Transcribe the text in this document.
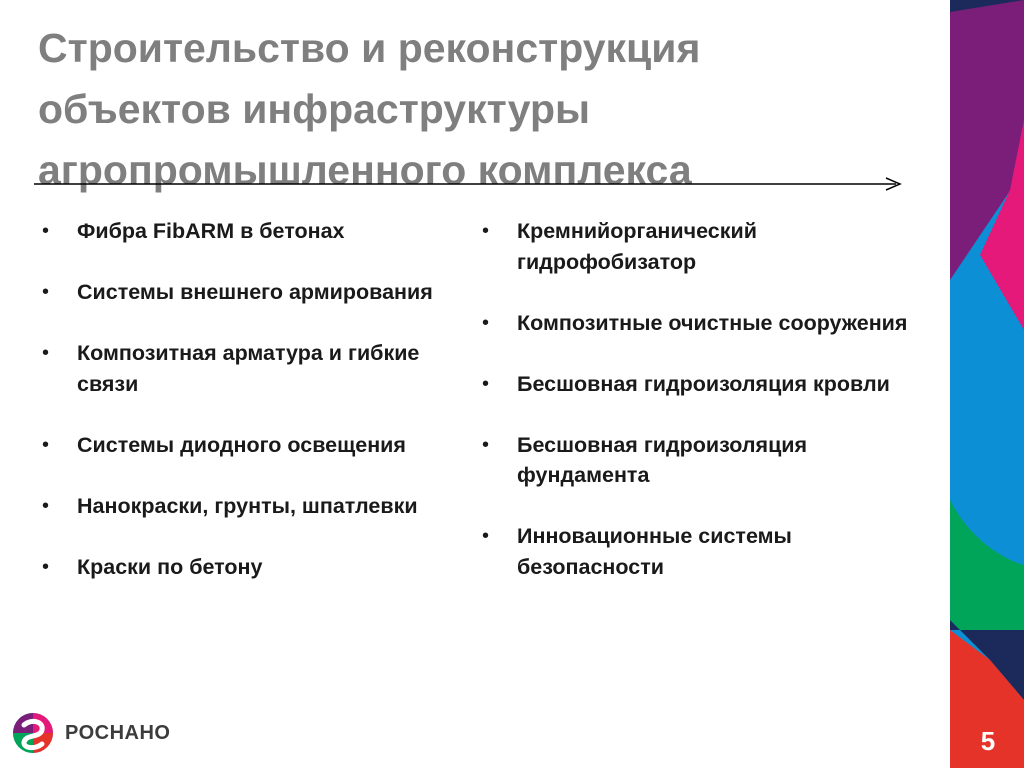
Строительство и реконструкция
объектов инфраструктуры
агропромышленного комплекса
• Фибра FibARM в бетонах
• Системы внешнего армирования
• Композитная арматура и гибкие связи
• Системы диодного освещения
• Нанокраски, грунты, шпатлевки
• Краски по бетону
• Кремнийорганический гидрофобизатор
• Композитные очистные сооружения
• Бесшовная гидроизоляция кровли
• Бесшовная гидроизоляция фундамента
• Инновационные системы безопасности
5
РОСНАНО
